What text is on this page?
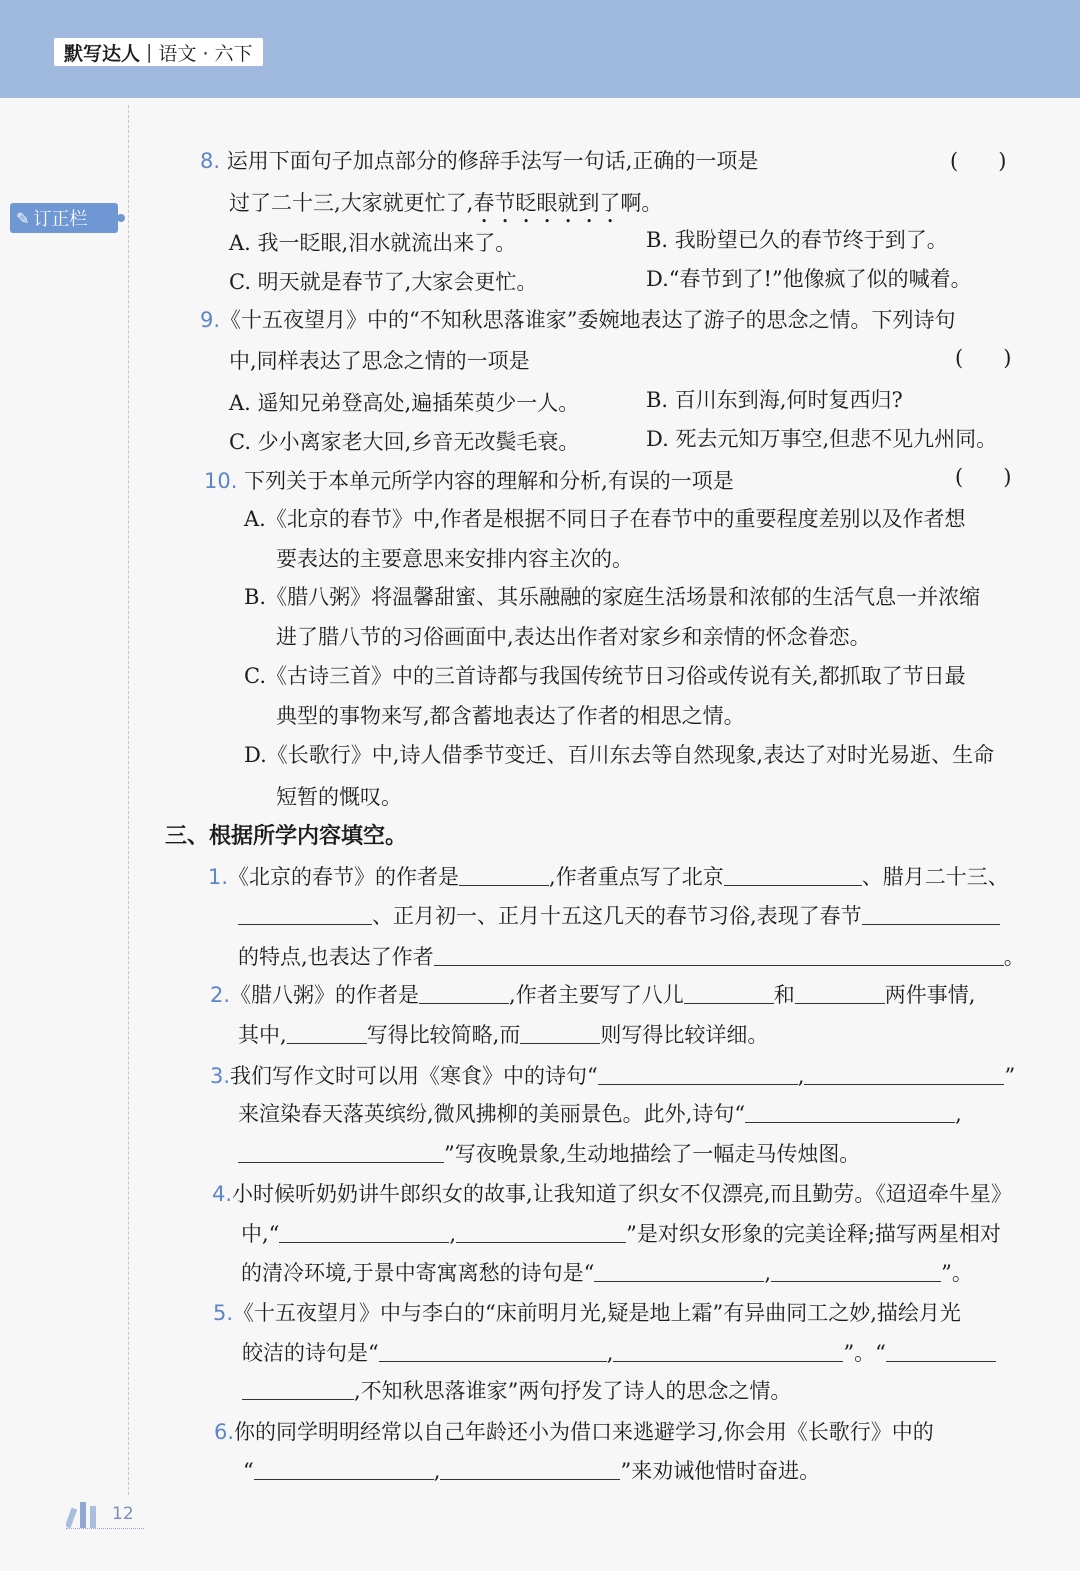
默写达人 | 语文 · 六下
✎ 订正栏
8. 运用下面句子加点部分的修辞手法写一句话,正确的一项是	(      )
过了二十三,大家就更忙了,春节眨眼就到了啊。
A. 我一眨眼,泪水就流出来了。	B. 我盼望已久的春节终于到了。
C. 明天就是春节了,大家会更忙。	D.“春节到了!”他像疯了似的喊着。
9.《十五夜望月》中的“不知秋思落谁家”委婉地表达了游子的思念之情。下列诗句
中,同样表达了思念之情的一项是	(      )
A. 遥知兄弟登高处,遍插茱萸少一人。	B. 百川东到海,何时复西归?
C. 少小离家老大回,乡音无改鬓毛衰。	D. 死去元知万事空,但悲不见九州同。
10. 下列关于本单元所学内容的理解和分析,有误的一项是	(      )
A.《北京的春节》中,作者是根据不同日子在春节中的重要程度差别以及作者想
要表达的主要意思来安排内容主次的。
B.《腊八粥》将温馨甜蜜、其乐融融的家庭生活场景和浓郁的生活气息一并浓缩
进了腊八节的习俗画面中,表达出作者对家乡和亲情的怀念眷恋。
C.《古诗三首》中的三首诗都与我国传统节日习俗或传说有关,都抓取了节日最
典型的事物来写,都含蓄地表达了作者的相思之情。
D.《长歌行》中,诗人借季节变迁、百川东去等自然现象,表达了对时光易逝、生命
短暂的慨叹。
三、根据所学内容填空。
1.《北京的春节》的作者是	,作者重点写了北京	、腊月二十三、
、正月初一、正月十五这几天的春节习俗,表现了春节
的特点,也表达了作者	。
2.《腊八粥》的作者是	,作者主要写了八儿	和	两件事情,
其中,	写得比较简略,而	则写得比较详细。
3.我们写作文时可以用《寒食》中的诗句“	,	”
来渲染春天落英缤纷,微风拂柳的美丽景色。此外,诗句“	,
”写夜晚景象,生动地描绘了一幅走马传烛图。
4.小时候听奶奶讲牛郎织女的故事,让我知道了织女不仅漂亮,而且勤劳。《迢迢牵牛星》
中,“	,	”是对织女形象的完美诠释;描写两星相对
的清冷环境,于景中寄寓离愁的诗句是“	,	”。
5.《十五夜望月》中与李白的“床前明月光,疑是地上霜”有异曲同工之妙,描绘月光
皎洁的诗句是“	,	”。“
,不知秋思落谁家”两句抒发了诗人的思念之情。
6.你的同学明明经常以自己年龄还小为借口来逃避学习,你会用《长歌行》中的
“	,	”来劝诫他惜时奋进。
12
